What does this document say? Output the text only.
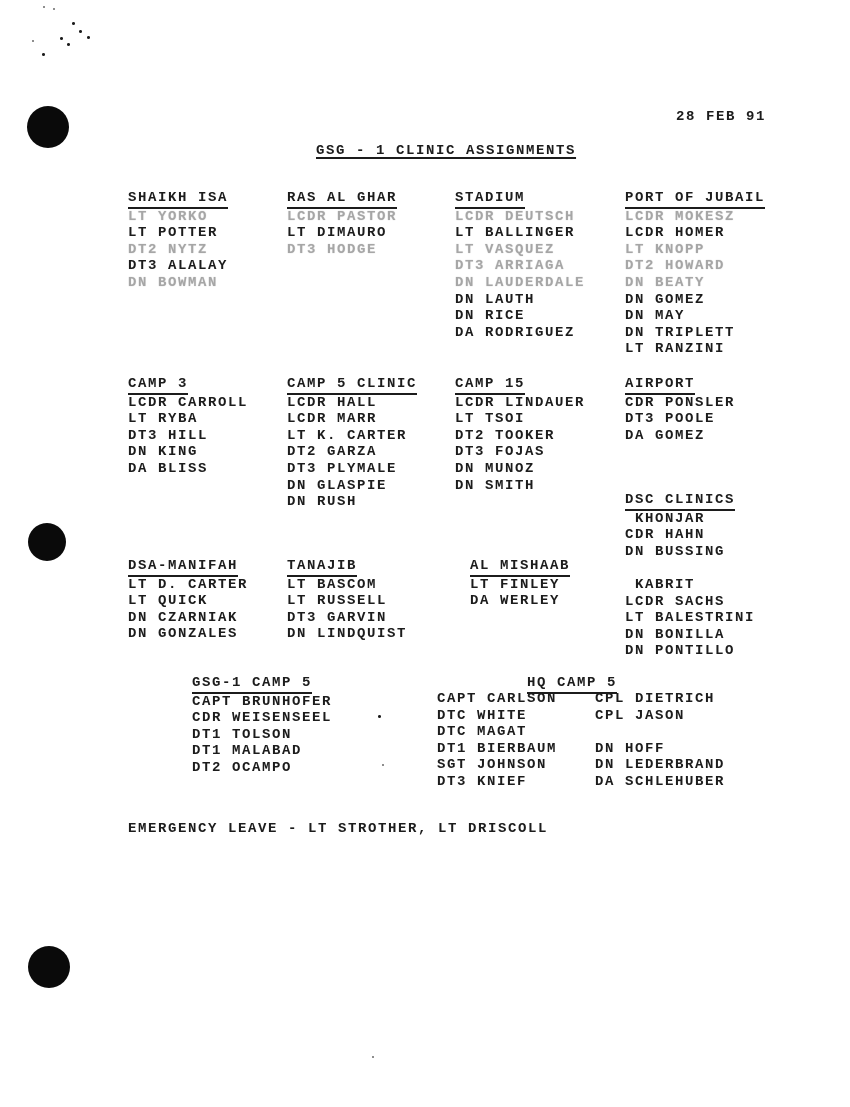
28 FEB 91
GSG - 1 CLINIC ASSIGNMENTS
SHAIKH ISA
LT YORKO
LT POTTER
DT2 NYTZ
DT3 ALALAY
DN BOWMAN
RAS AL GHAR
LCDR PASTOR
LT DIMAURO
DT3 HODGE
STADIUM
LCDR DEUTSCH
LT BALLINGER
LT VASQUEZ
DT3 ARRIAGA
DN LAUDERDALE
DN LAUTH
DN RICE
DA RODRIGUEZ
PORT OF JUBAIL
LCDR MOKESZ
LCDR HOMER
LT KNOPP
DT2 HOWARD
DN BEATY
DN GOMEZ
DN MAY
DN TRIPLETT
LT RANZINI
CAMP 3
LCDR CARROLL
LT RYBA
DT3 HILL
DN KING
DA BLISS
CAMP 5 CLINIC
LCDR HALL
LCDR MARR
LT K. CARTER
DT2 GARZA
DT3 PLYMALE
DN GLASPIE
DN RUSH
CAMP 15
LCDR LINDAUER
LT TSOI
DT2 TOOKER
DT3 FOJAS
DN MUNOZ
DN SMITH
AIRPORT
CDR PONSLER
DT3 POOLE
DA GOMEZ
DSC CLINICS
KHONJAR
CDR HAHN
DN BUSSING
DSA-MANIFAH
LT D. CARTER
LT QUICK
DN CZARNIAK
DN GONZALES
TANAJIB
LT BASCOM
LT RUSSELL
DT3 GARVIN
DN LINDQUIST
AL MISHAAB
LT FINLEY
DA WERLEY
KABRIT
LCDR SACHS
LT BALESTRINI
DN BONILLA
DN PONTILLO
GSG-1 CAMP 5
CAPT BRUNHOFER
CDR WEISENSEEL
DT1 TOLSON
DT1 MALABAD
DT2 OCAMPO
HQ CAMP 5
CAPT CARLSON
DTC WHITE
DTC MAGAT
DT1 BIERBAUM
SGT JOHNSON
DT3 KNIEF
CPL DIETRICH
CPL JASON

DN HOFF
DN LEDERBRAND
DA SCHLEHUBER
EMERGENCY LEAVE - LT STROTHER, LT DRISCOLL
